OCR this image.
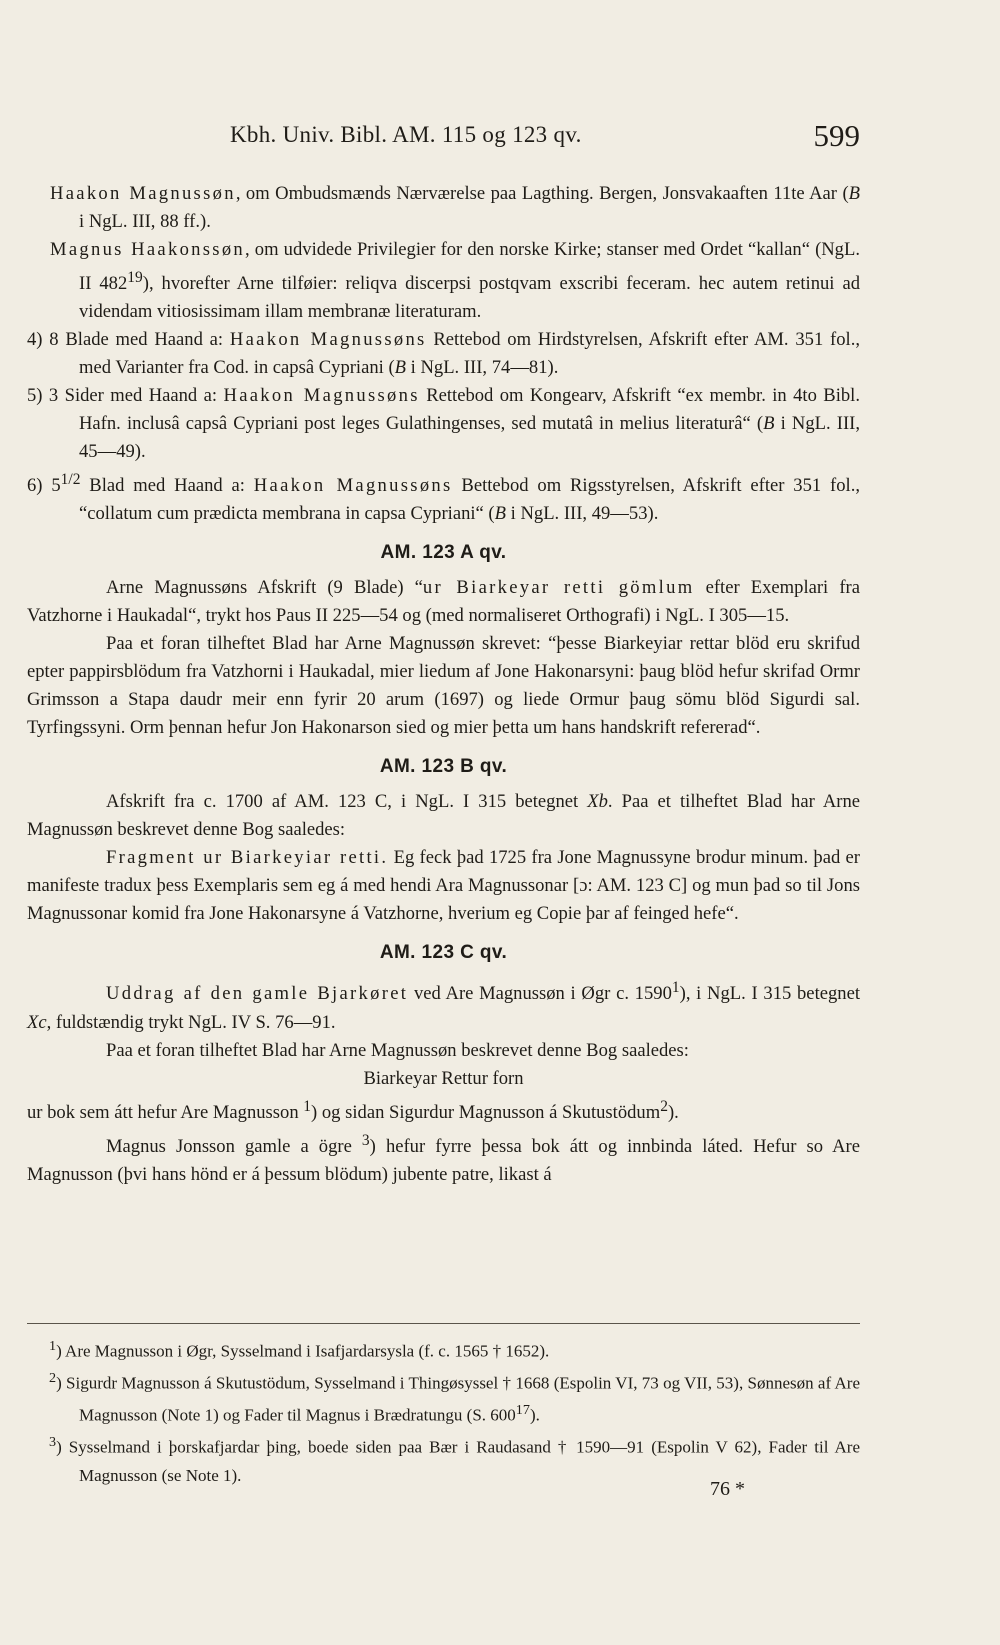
Kbh. Univ. Bibl. AM. 115 og 123 qv.	599

Haakon Magnussøn, om Ombudsmænds Nærværelse paa Lagthing. Bergen, Jonsvakaaften 11te Aar (B i NgL. III, 88 ff.).

Magnus Haakonssøn, om udvidede Privilegier for den norske Kirke; stanser med Ordet “kallan“ (NgL. II $482^{19}$), hvorefter Arne tilføier: reliqva discerpsi postqvam exscribi feceram. hec autem retinui ad videndam vitiosissimam illam membranæ literaturam.

4) 8 Blade med Haand a: Haakon Magnussøns Rettebod om Hirdstyrelsen, Afskrift efter AM. 351 fol., med Varianter fra Cod. in capsâ Cypriani (B i NgL. III, 74—81).

5) 3 Sider med Haand a: Haakon Magnussøns Rettebod om Kongearv, Afskrift “ex membr. in 4to Bibl. Hafn. inclusâ capsâ Cypriani post leges Gulathingenses, sed mutatâ in melius literaturâ“ (B i NgL. III, 45—49).

6) $5^{1/2}$ Blad med Haand a: Haakon Magnussøns Bettebod om Rigsstyrelsen, Afskrift efter 351 fol., “collatum cum prædicta membrana in capsa Cypriani“ (B i NgL. III, 49—53).

AM. 123 A qv.

Arne Magnussøns Afskrift (9 Blade) “ur Biarkeyar retti gömlum efter Exemplari fra Vatzhorne i Haukadal“, trykt hos Paus II 225—54 og (med normaliseret Orthografi) i NgL. I 305—15.

Paa et foran tilheftet Blad har Arne Magnussøn skrevet: “þesse Biarkeyiar rettar blöd eru skrifud epter pappirsblödum fra Vatzhorni i Haukadal, mier liedum af Jone Hakonarsyni: þaug blöd hefur skrifad Ormr Grimsson a Stapa daudr meir enn fyrir 20 arum (1697) og liede Ormur þaug sömu blöd Sigurdi sal. Tyrfingssyni. Orm þennan hefur Jon Hakonarson sied og mier þetta um hans handskrift refererad“.

AM. 123 B qv.

Afskrift fra c. 1700 af AM. 123 C, i NgL. I 315 betegnet Xb. Paa et tilheftet Blad har Arne Magnussøn beskrevet denne Bog saaledes:

Fragment ur Biarkeyiar retti. Eg feck þad 1725 fra Jone Magnussyne brodur minum. þad er manifeste tradux þess Exemplaris sem eg á med hendi Ara Magnussonar [ɔ: AM. 123 C] og mun þad so til Jons Magnussonar komid fra Jone Hakonarsyne á Vatzhorne, hverium eg Copie þar af feinged hefe“.

AM. 123 C qv.

Uddrag af den gamle Bjarkøret ved Are Magnussøn i Øgr c. 1590$^1$), i NgL. I 315 betegnet Xc, fuldstændig trykt NgL. IV S. 76—91.

Paa et foran tilheftet Blad har Arne Magnussøn beskrevet denne Bog saaledes:

Biarkeyar Rettur forn

ur bok sem átt hefur Are Magnusson $^1$) og sidan Sigurdur Magnusson á Skutustödum$^2$).

Magnus Jonsson gamle a ögre $^3$) hefur fyrre þessa bok átt og innbinda láted. Hefur so Are Magnusson (þvi hans hönd er á þessum blödum) jubente patre, likast á

$^1$) Are Magnusson i Øgr, Sysselmand i Isafjardarsysla (f. c. 1565 † 1652).

$^2$) Sigurdr Magnusson á Skutustödum, Sysselmand i Thingøsyssel † 1668 (Espolin VI, 73 og VII, 53), Sønnesøn af Are Magnusson (Note 1) og Fader til Magnus i Brædratungu (S. $600^{17}$).

$^3$) Sysselmand i þorskafjardar þing, boede siden paa Bær i Raudasand † 1590—91 (Espolin V 62), Fader til Are Magnusson (se Note 1).

76 *
